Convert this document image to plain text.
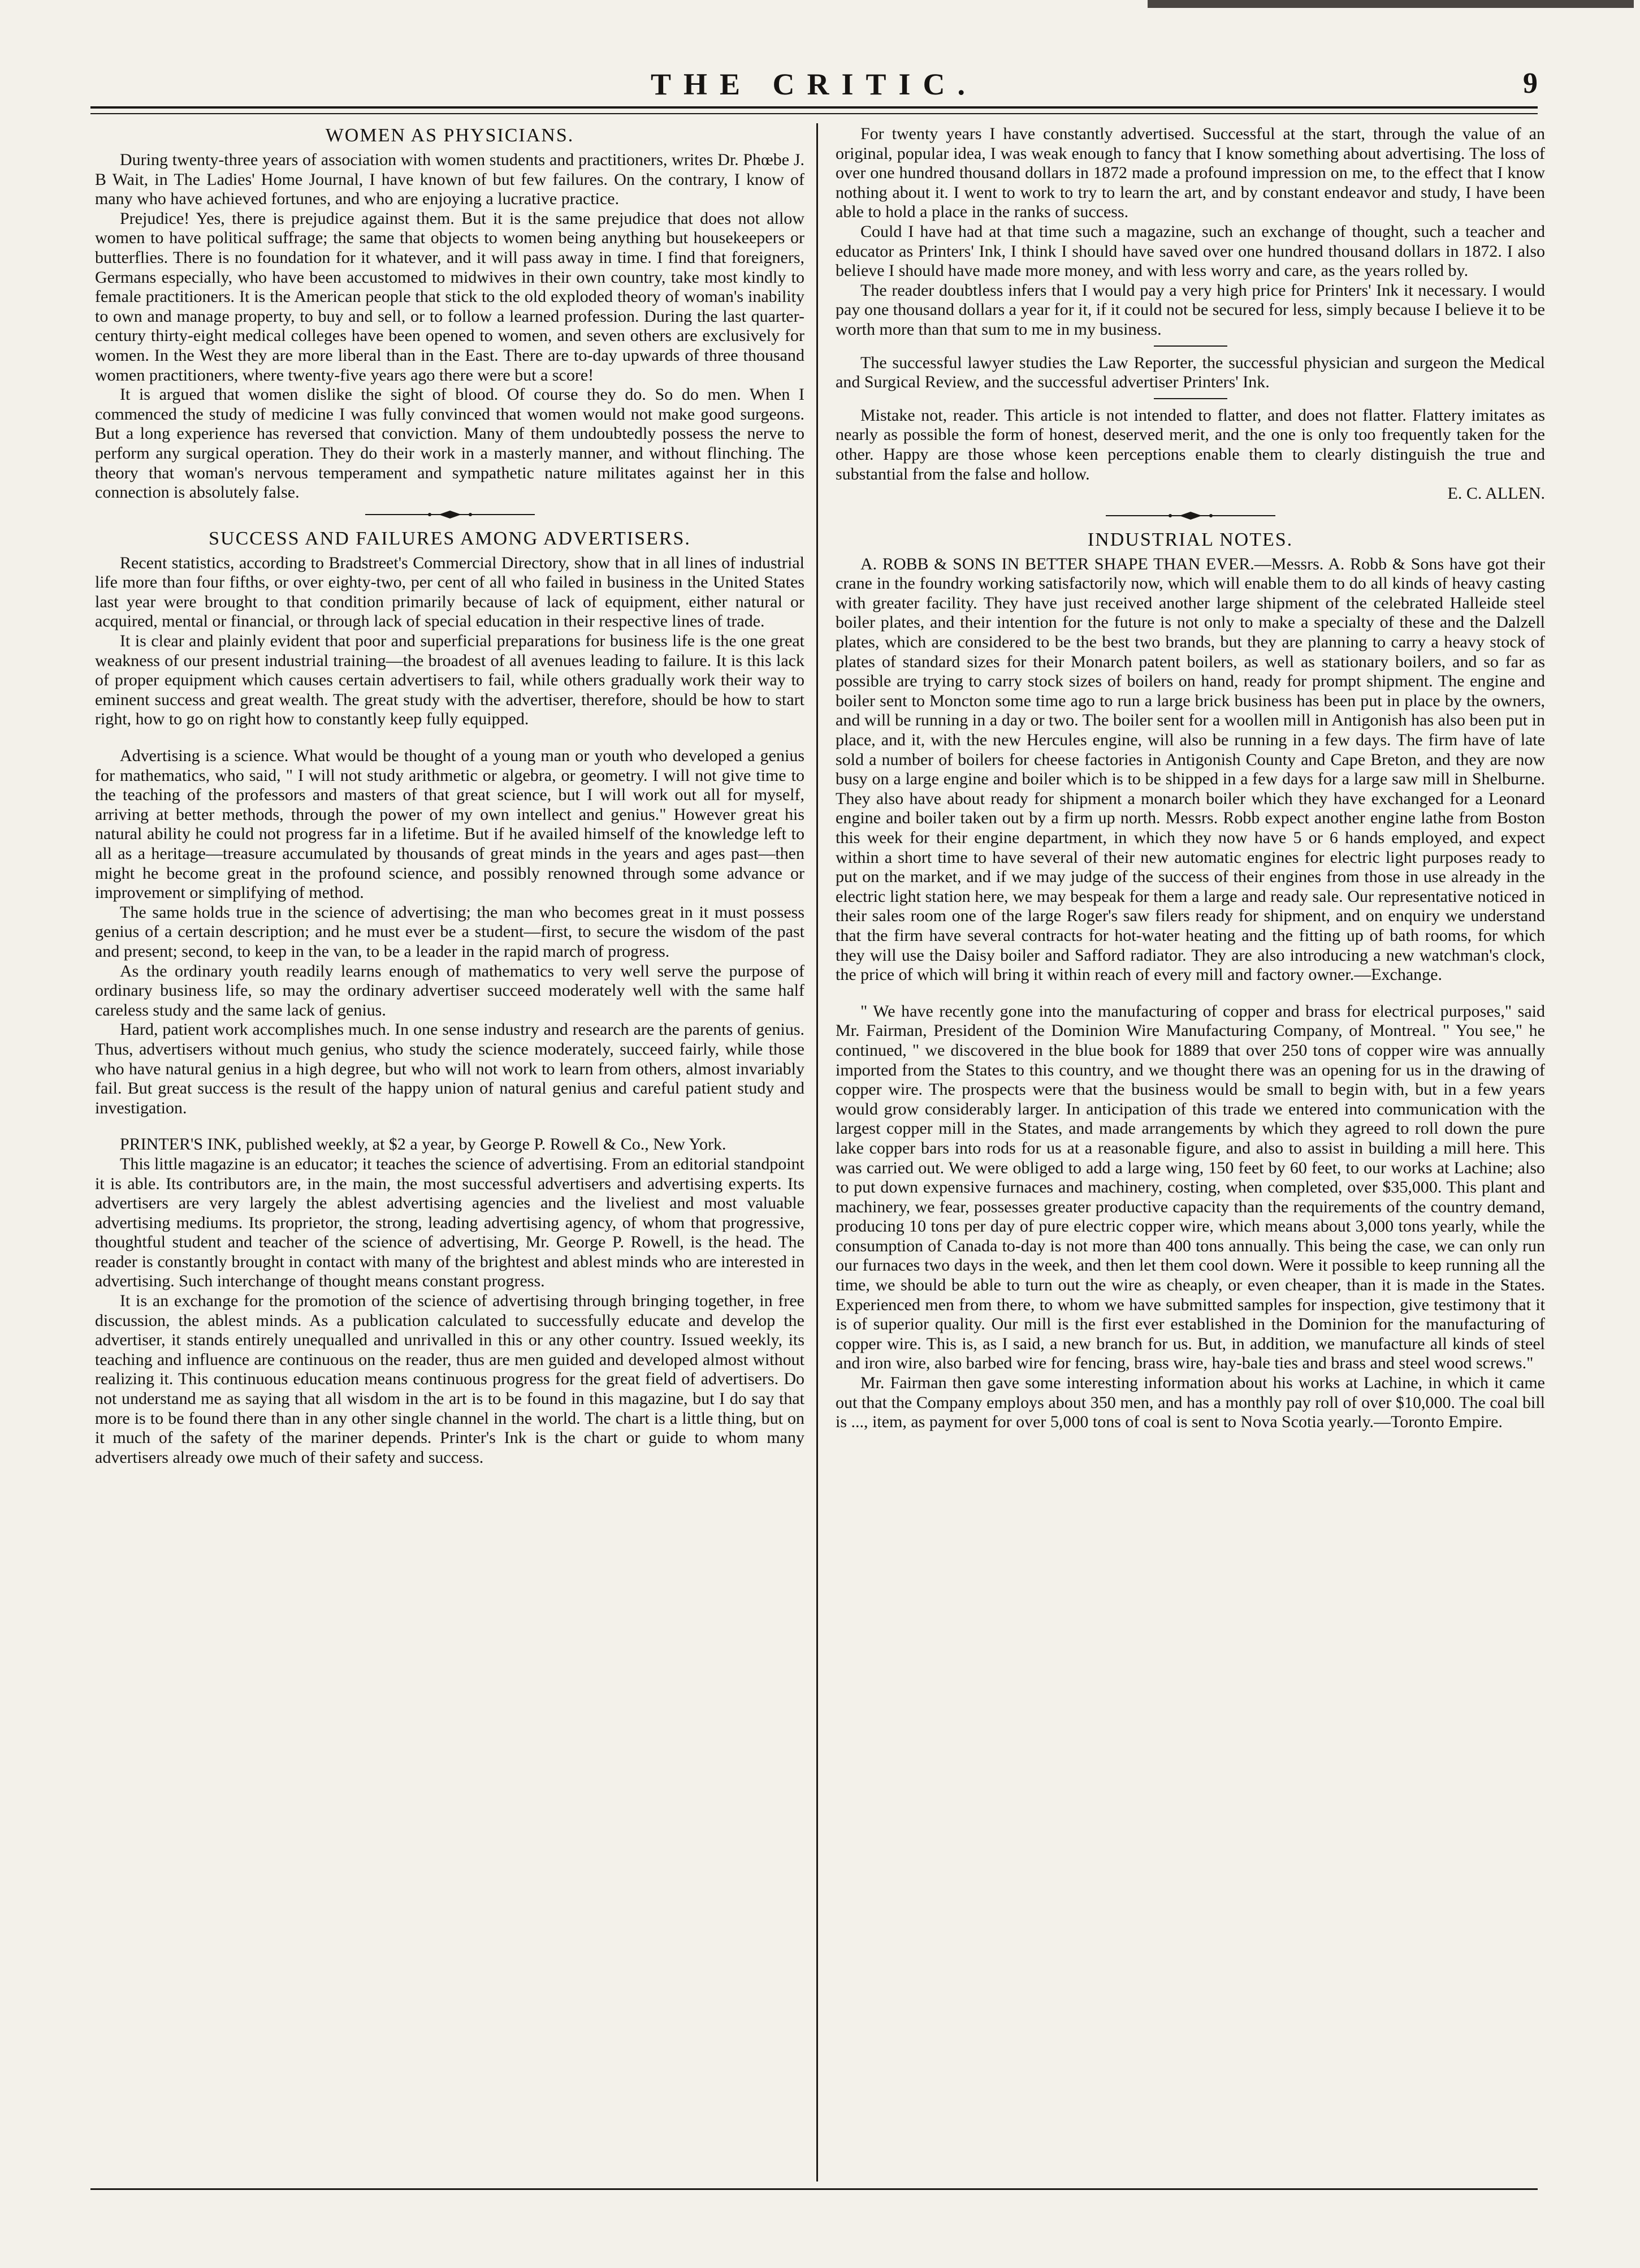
THE CRITIC.	9
WOMEN AS PHYSICIANS.

During twenty-three years of association with women students and practitioners, writes Dr. Phœbe J. B Wait, in The Ladies' Home Journal, I have known of but few failures. On the contrary, I know of many who have achieved fortunes, and who are enjoying a lucrative practice.

Prejudice! Yes, there is prejudice against them. But it is the same prejudice that does not allow women to have political suffrage; the same that objects to women being anything but housekeepers or butterflies. There is no foundation for it whatever, and it will pass away in time. I find that foreigners, Germans especially, who have been accustomed to midwives in their own country, take most kindly to female practitioners. It is the American people that stick to the old exploded theory of woman's inability to own and manage property, to buy and sell, or to follow a learned profession. During the last quarter-century thirty-eight medical colleges have been opened to women, and seven others are exclusively for women. In the West they are more liberal than in the East. There are to-day upwards of three thousand women practitioners, where twenty-five years ago there were but a score!

It is argued that women dislike the sight of blood. Of course they do. So do men. When I commenced the study of medicine I was fully convinced that women would not make good surgeons. But a long experience has reversed that conviction. Many of them undoubtedly possess the nerve to perform any surgical operation. They do their work in a masterly manner, and without flinching. The theory that woman's nervous temperament and sympathetic nature militates against her in this connection is absolutely false.

SUCCESS AND FAILURES AMONG ADVERTISERS.

Recent statistics, according to Bradstreet's Commercial Directory, show that in all lines of industrial life more than four fifths, or over eighty-two, per cent of all who failed in business in the United States last year were brought to that condition primarily because of lack of equipment, either natural or acquired, mental or financial, or through lack of special education in their respective lines of trade.

It is clear and plainly evident that poor and superficial preparations for business life is the one great weakness of our present industrial training—the broadest of all avenues leading to failure. It is this lack of proper equipment which causes certain advertisers to fail, while others gradually work their way to eminent success and great wealth. The great study with the advertiser, therefore, should be how to start right, how to go on right how to constantly keep fully equipped.

Advertising is a science. What would be thought of a young man or youth who developed a genius for mathematics, who said, " I will not study arithmetic or algebra, or geometry. I will not give time to the teaching of the professors and masters of that great science, but I will work out all for myself, arriving at better methods, through the power of my own intellect and genius." However great his natural ability he could not progress far in a lifetime. But if he availed himself of the knowledge left to all as a heritage—treasure accumulated by thousands of great minds in the years and ages past—then might he become great in the profound science, and possibly renowned through some advance or improvement or simplifying of method.

The same holds true in the science of advertising; the man who becomes great in it must possess genius of a certain description; and he must ever be a student—first, to secure the wisdom of the past and present; second, to keep in the van, to be a leader in the rapid march of progress.

As the ordinary youth readily learns enough of mathematics to very well serve the purpose of ordinary business life, so may the ordinary advertiser succeed moderately well with the same half careless study and the same lack of genius.

Hard, patient work accomplishes much. In one sense industry and research are the parents of genius. Thus, advertisers without much genius, who study the science moderately, succeed fairly, while those who have natural genius in a high degree, but who will not work to learn from others, almost invariably fail. But great success is the result of the happy union of natural genius and careful patient study and investigation.

PRINTER'S INK, published weekly, at $2 a year, by George P. Rowell & Co., New York.

This little magazine is an educator; it teaches the science of advertising. From an editorial standpoint it is able. Its contributors are, in the main, the most successful advertisers and advertising experts. Its advertisers are very largely the ablest advertising agencies and the liveliest and most valuable advertising mediums. Its proprietor, the strong, leading advertising agency, of whom that progressive, thoughtful student and teacher of the science of advertising, Mr. George P. Rowell, is the head. The reader is constantly brought in contact with many of the brightest and ablest minds who are interested in advertising. Such interchange of thought means constant progress.

It is an exchange for the promotion of the science of advertising through bringing together, in free discussion, the ablest minds. As a publication calculated to successfully educate and develop the advertiser, it stands entirely unequalled and unrivalled in this or any other country. Issued weekly, its teaching and influence are continuous on the reader, thus are men guided and developed almost without realizing it. This continuous education means continuous progress for the great field of advertisers. Do not understand me as saying that all wisdom in the art is to be found in this magazine, but I do say that more is to be found there than in any other single channel in the world. The chart is a little thing, but on it much of the safety of the mariner depends. Printer's Ink is the chart or guide to whom many advertisers already owe much of their safety and success.

For twenty years I have constantly advertised. Successful at the start, through the value of an original, popular idea, I was weak enough to fancy that I know something about advertising. The loss of over one hundred thousand dollars in 1872 made a profound impression on me, to the effect that I know nothing about it. I went to work to try to learn the art, and by constant endeavor and study, I have been able to hold a place in the ranks of success.

Could I have had at that time such a magazine, such an exchange of thought, such a teacher and educator as Printers' Ink, I think I should have saved over one hundred thousand dollars in 1872. I also believe I should have made more money, and with less worry and care, as the years rolled by.

The reader doubtless infers that I would pay a very high price for Printers' Ink it necessary. I would pay one thousand dollars a year for it, if it could not be secured for less, simply because I believe it to be worth more than that sum to me in my business.

The successful lawyer studies the Law Reporter, the successful physician and surgeon the Medical and Surgical Review, and the successful advertiser Printers' Ink.

Mistake not, reader. This article is not intended to flatter, and does not flatter. Flattery imitates as nearly as possible the form of honest, deserved merit, and the one is only too frequently taken for the other. Happy are those whose keen perceptions enable them to clearly distinguish the true and substantial from the false and hollow.

E. C. ALLEN.

INDUSTRIAL NOTES.

A. ROBB & SONS IN BETTER SHAPE THAN EVER.—Messrs. A. Robb & Sons have got their crane in the foundry working satisfactorily now, which will enable them to do all kinds of heavy casting with greater facility. They have just received another large shipment of the celebrated Halleide steel boiler plates, and their intention for the future is not only to make a specialty of these and the Dalzell plates, which are considered to be the best two brands, but they are planning to carry a heavy stock of plates of standard sizes for their Monarch patent boilers, as well as stationary boilers, and so far as possible are trying to carry stock sizes of boilers on hand, ready for prompt shipment. The engine and boiler sent to Moncton some time ago to run a large brick business has been put in place by the owners, and will be running in a day or two. The boiler sent for a woollen mill in Antigonish has also been put in place, and it, with the new Hercules engine, will also be running in a few days. The firm have of late sold a number of boilers for cheese factories in Antigonish County and Cape Breton, and they are now busy on a large engine and boiler which is to be shipped in a few days for a large saw mill in Shelburne. They also have about ready for shipment a monarch boiler which they have exchanged for a Leonard engine and boiler taken out by a firm up north. Messrs. Robb expect another engine lathe from Boston this week for their engine department, in which they now have 5 or 6 hands employed, and expect within a short time to have several of their new automatic engines for electric light purposes ready to put on the market, and if we may judge of the success of their engines from those in use already in the electric light station here, we may bespeak for them a large and ready sale. Our representative noticed in their sales room one of the large Roger's saw filers ready for shipment, and on enquiry we understand that the firm have several contracts for hot-water heating and the fitting up of bath rooms, for which they will use the Daisy boiler and Safford radiator. They are also introducing a new watchman's clock, the price of which will bring it within reach of every mill and factory owner.—Exchange.

" We have recently gone into the manufacturing of copper and brass for electrical purposes," said Mr. Fairman, President of the Dominion Wire Manufacturing Company, of Montreal. " You see," he continued, " we discovered in the blue book for 1889 that over 250 tons of copper wire was annually imported from the States to this country, and we thought there was an opening for us in the drawing of copper wire. The prospects were that the business would be small to begin with, but in a few years would grow considerably larger. In anticipation of this trade we entered into communication with the largest copper mill in the States, and made arrangements by which they agreed to roll down the pure lake copper bars into rods for us at a reasonable figure, and also to assist in building a mill here. This was carried out. We were obliged to add a large wing, 150 feet by 60 feet, to our works at Lachine; also to put down expensive furnaces and machinery, costing, when completed, over $35,000. This plant and machinery, we fear, possesses greater productive capacity than the requirements of the country demand, producing 10 tons per day of pure electric copper wire, which means about 3,000 tons yearly, while the consumption of Canada to-day is not more than 400 tons annually. This being the case, we can only run our furnaces two days in the week, and then let them cool down. Were it possible to keep running all the time, we should be able to turn out the wire as cheaply, or even cheaper, than it is made in the States. Experienced men from there, to whom we have submitted samples for inspection, give testimony that it is of superior quality. Our mill is the first ever established in the Dominion for the manufacturing of copper wire. This is, as I said, a new branch for us. But, in addition, we manufacture all kinds of steel and iron wire, also barbed wire for fencing, brass wire, hay-bale ties and brass and steel wood screws."

Mr. Fairman then gave some interesting information about his works at Lachine, in which it came out that the Company employs about 350 men, and has a monthly pay roll of over $10,000. The coal bill is ..., item, as payment for over 5,000 tons of coal is sent to Nova Scotia yearly.—Toronto Empire.
